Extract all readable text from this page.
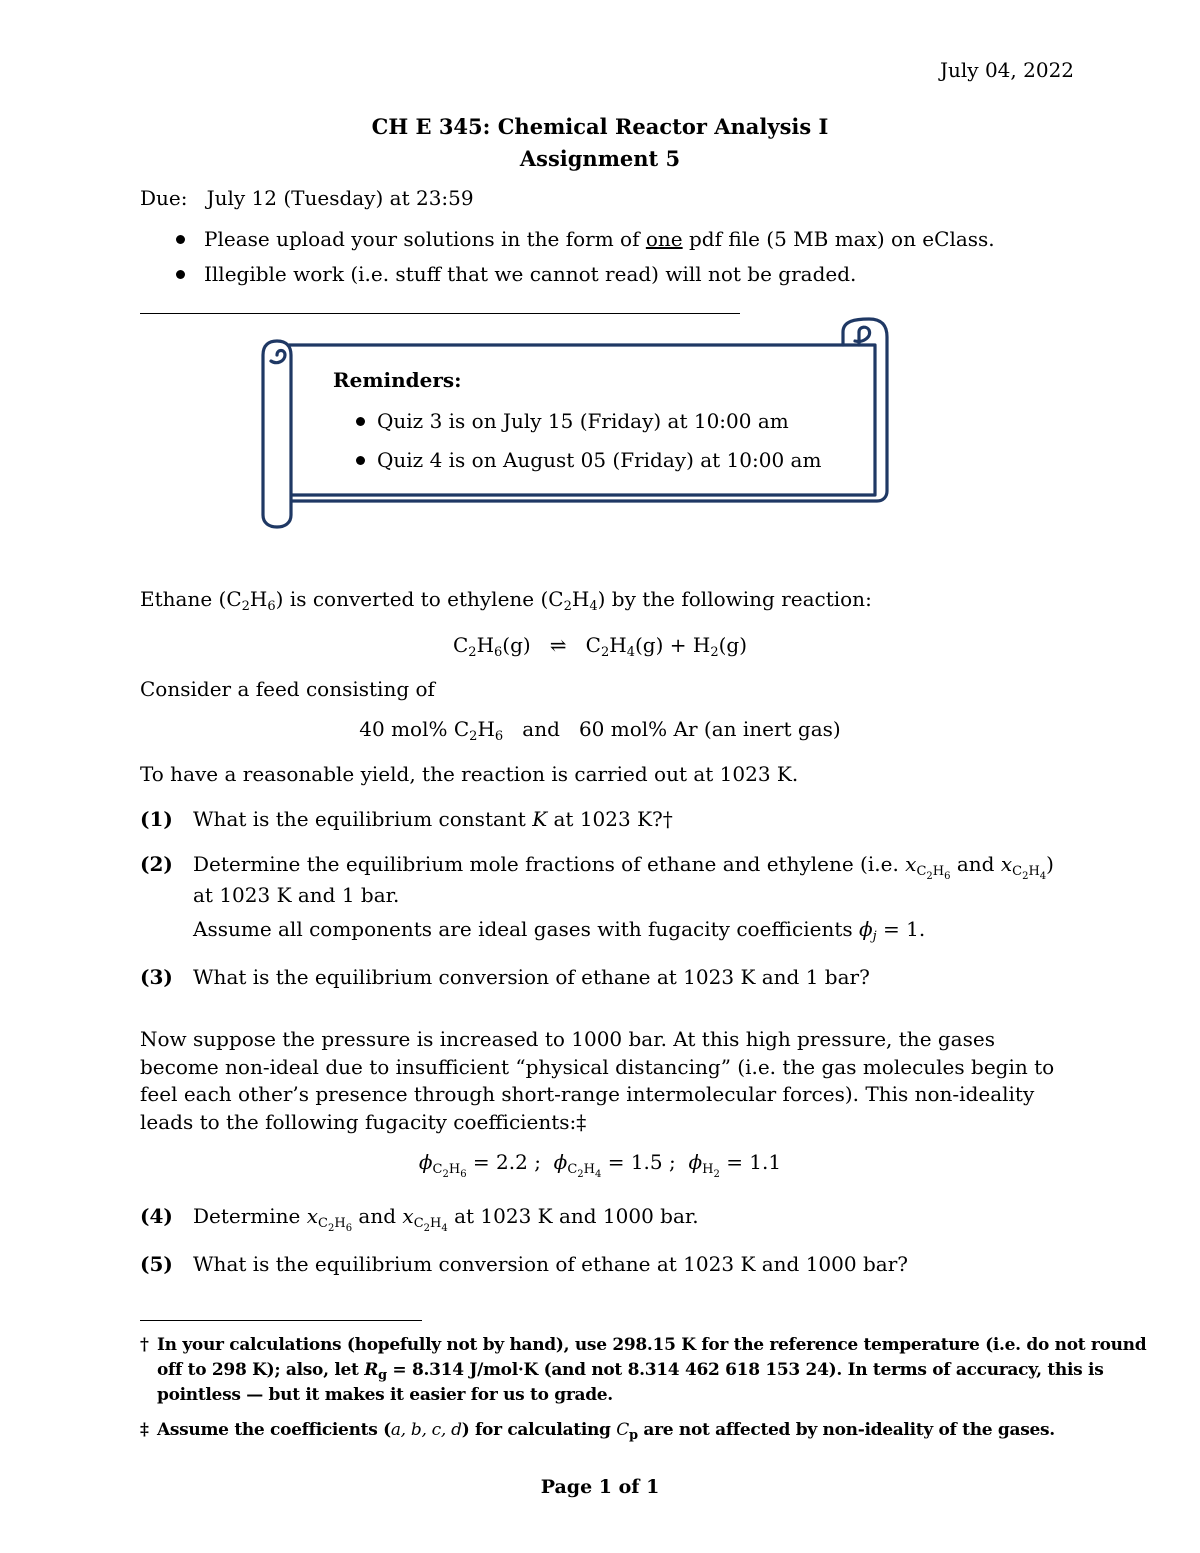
July 04, 2022
CH E 345: Chemical Reactor Analysis I
Assignment 5
Due: July 12 (Tuesday) at 23:59
Please upload your solutions in the form of one pdf file (5 MB max) on eClass.
Illegible work (i.e. stuff that we cannot read) will not be graded.
Reminders:
Quiz 3 is on July 15 (Friday) at 10:00 am
Quiz 4 is on August 05 (Friday) at 10:00 am
Ethane $(C_2H_6)$ is converted to ethylene $(C_2H_4)$ by the following reaction:
$C_2H_6(g)$ ⇌ $C_2H_4(g) + H_2(g)$
Consider a feed consisting of
40 mol% $C_2H_6$ and 60 mol% Ar (an inert gas)
To have a reasonable yield, the reaction is carried out at 1023 K.
(1) What is the equilibrium constant K at 1023 K?†
(2) Determine the equilibrium mole fractions of ethane and ethylene (i.e. $x_{C_2H_6}$ and $x_{C_2H_4}$)
at 1023 K and 1 bar.
Assume all components are ideal gases with fugacity coefficients $\phi_j = 1$.
(3) What is the equilibrium conversion of ethane at 1023 K and 1 bar?
Now suppose the pressure is increased to 1000 bar. At this high pressure, the gases
become non-ideal due to insufficient “physical distancing” (i.e. the gas molecules begin to
feel each other’s presence through short-range intermolecular forces). This non-ideality
leads to the following fugacity coefficients:‡
$\phi_{C_2H_6} = 2.2$ ; $\phi_{C_2H_4} = 1.5$ ; $\phi_{H_2} = 1.1$
(4) Determine $x_{C_2H_6}$ and $x_{C_2H_4}$ at 1023 K and 1000 bar.
(5) What is the equilibrium conversion of ethane at 1023 K and 1000 bar?
† In your calculations (hopefully not by hand), use 298.15 K for the reference temperature (i.e. do not round
off to 298 K); also, let $R_g = 8.314$ J/mol·K (and not 8.314 462 618 153 24). In terms of accuracy, this is
pointless — but it makes it easier for us to grade.
‡ Assume the coefficients (a, b, c, d) for calculating $C_p$ are not affected by non-ideality of the gases.
Page 1 of 1
